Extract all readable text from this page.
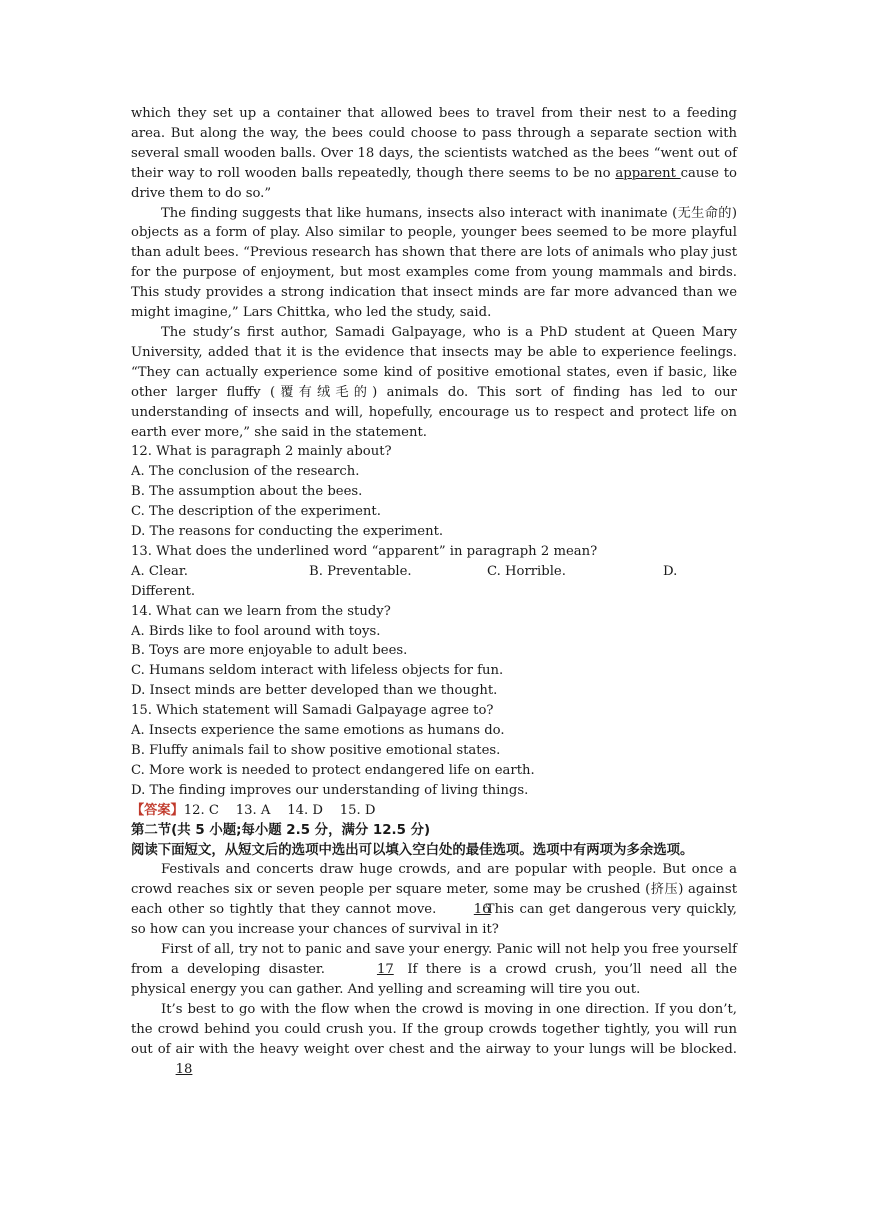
which they set up a container that allowed bees to travel from their nest to a feeding area. But along the way, the bees could choose to pass through a separate section with several small wooden balls. Over 18 days, the scientists watched as the bees “went out of their way to roll wooden balls repeatedly, though there seems to be no apparent cause to drive them to do so.”

The finding suggests that like humans, insects also interact with inanimate (无生命的) objects as a form of play. Also similar to people, younger bees seemed to be more playful than adult bees. “Previous research has shown that there are lots of animals who play just for the purpose of enjoyment, but most examples come from young mammals and birds. This study provides a strong indication that insect minds are far more advanced than we might imagine,” Lars Chittka, who led the study, said.

The study’s first author, Samadi Galpayage, who is a PhD student at Queen Mary University, added that it is the evidence that insects may be able to experience feelings. “They can actually experience some kind of positive emotional states, even if basic, like other larger fluffy (覆有绒毛的) animals do. This sort of finding has led to our understanding of insects and will, hopefully, encourage us to respect and protect life on earth ever more,” she said in the statement.

12. What is paragraph 2 mainly about?

A. The conclusion of the research.

B. The assumption about the bees.

C. The description of the experiment.

D. The reasons for conducting the experiment.

13. What does the underlined word “apparent” in paragraph 2 mean?

A. Clear.	B. Preventable.	C. Horrible.	D.

Different.

14. What can we learn from the study?

A. Birds like to fool around with toys.

B. Toys are more enjoyable to adult bees.

C. Humans seldom interact with lifeless objects for fun.

D. Insect minds are better developed than we thought.

15. Which statement will Samadi Galpayage agree to?

A. Insects experience the same emotions as humans do.

B. Fluffy animals fail to show positive emotional states.

C. More work is needed to protect endangered life on earth.

D. The finding improves our understanding of living things.

【答案】12. C    13. A    14. D    15. D

第二节(共 5 小题;每小题 2.5 分，满分 12.5 分)

阅读下面短文，从短文后的选项中选出可以填入空白处的最佳选项。选项中有两项为多余选项。

Festivals and concerts draw huge crowds, and are popular with people. But once a crowd reaches six or seven people per square meter, some may be crushed (挤压) against each other so tightly that they cannot move. 16This can get dangerous very quickly, so how can you increase your chances of survival in it?

First of all, try not to panic and save your energy. Panic will not help you free yourself from a developing disaster.	17 If there is a crowd crush, you’ll need all the physical energy you can gather. And yelling and screaming will tire you out.

It’s best to go with the flow when the crowd is moving in one direction. If you don’t, the crowd behind you could crush you. If the group crowds together tightly, you will run out of air with the heavy weight over chest and the airway to your lungs will be blocked. 18
